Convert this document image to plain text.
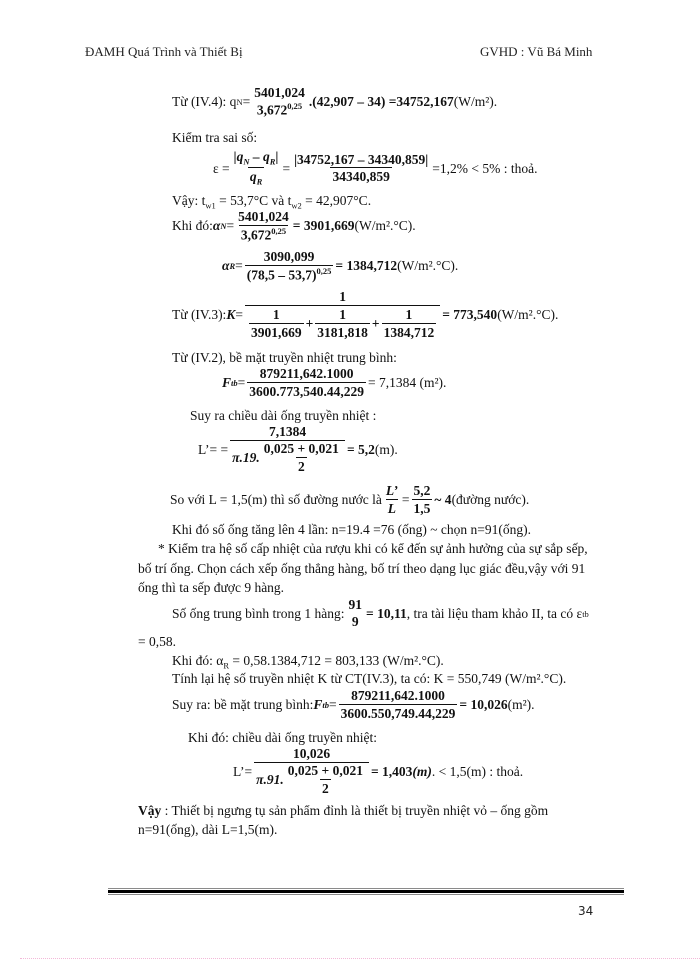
ĐAMH Quá Trình và Thiết Bị	GVHD : Vũ Bá Minh
Từ (IV.4): q N =
5401,024
3,672$^{0,25}$ .(42,907 – 34) = 34752,167 (W/m²).
Kiểm tra sai số:
$\varepsilon = \frac{|q_N - q_R|}{q_R} = \frac{|34752,167 - 34340,859|}{34340,859} =1,2\% < 5\%$ : thoả.
Vậy: $t_{w1} = 53,7^\circ C$ và $t_{w2} = 42,907^\circ C$.
Khi đó: α $N = \frac{5401,024}{3,672^{0,25}} = 3901,669$ (W/m².°C).
α $R = \frac{3090,099}{(78,5 - 53,7)^{0,25}} = 1384,712$ (W/m².°C).
Từ (IV.3): $K = \frac{1}{\frac{1}{3901,669} + \frac{1}{3181,818} + \frac{1}{1384,712}} = 773,540$ (W/m².°C).
Từ (IV.2), bề mặt truyền nhiệt trung bình:
F tb = $\frac{879211,642.1000}{3600.773,540.44,229} = 7,1384$ (m²).
Suy ra chiều dài ống truyền nhiệt :
L’= = $\frac{7,1384}{\pi.19. \frac{0,025 + 0,021}{2}} = 5,2$ (m).
So với L = 1,5(m) thì số đường nước là $\frac{L’}{L} = \frac{5,2}{1,5}$ ~ 4 (đường nước).
Khi đó số ống tăng lên 4 lần: n=19.4 =76 (ống) ~ chọn n=91(ống).
* Kiểm tra hệ số cấp nhiệt của rượu khi có kể đến sự ảnh hưởng của sự sắp sếp,
bố trí ống. Chọn cách xếp ống thẳng hàng, bố trí theo dạng lục giác đều,vậy với 91
ống thì ta sếp được 9 hàng.
Số ống trung bình trong 1 hàng:
91
9
= 10,11 , tra tài liệu tham khảo II, ta có ε tb
= 0,58.
Khi đó: $\alpha_R = 0,58.1384,712 = 803,133$ (W/m².°C).
Tính lại hệ số truyền nhiệt K từ CT(IV.3), ta có: K = 550,749 (W/m².°C).
Suy ra: bề mặt trung bình: F tb = $\frac{879211,642.1000}{3600.550,749.44,229} = 10,026$ (m²).
Khi đó: chiều dài ống truyền nhiệt:
L’= $\frac{10,026}{\pi.91. \frac{0,025 + 0,021}{2}} = 1,403$ (m) . < 1,5(m) : thoả.
Vậy : Thiết bị ngưng tụ sản phẩm đỉnh là thiết bị truyền nhiệt vỏ – ống gồm
n=91(ống), dài L=1,5(m).
34
